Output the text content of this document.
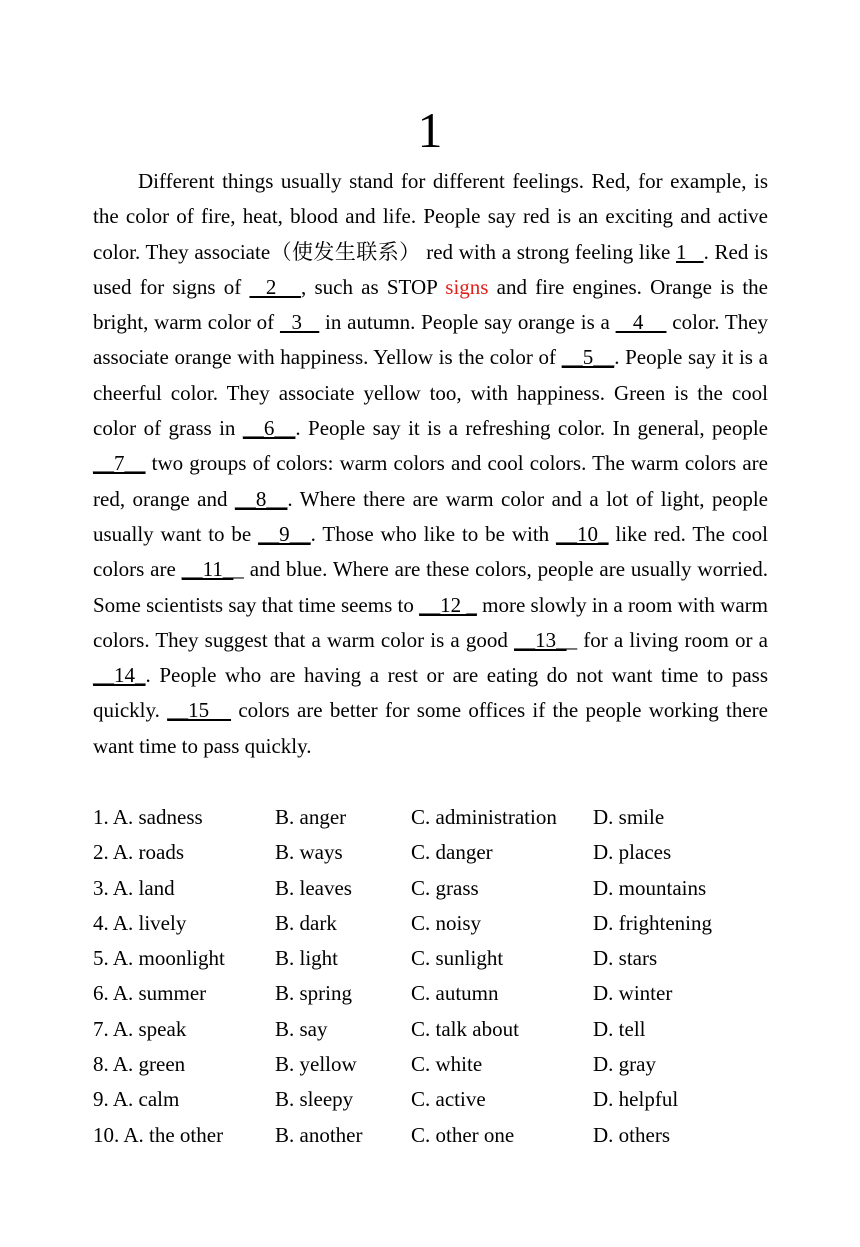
1

Different things usually stand for different feelings. Red, for example, is the color of fire, heat, blood and life. People say red is an exciting and active color. They associate（使发生联系） red with a strong feeling like 1   . Red is used for signs of   2   , such as STOP signs and fire engines. Orange is the bright, warm color of   3    in autumn. People say orange is a    4     color. They associate orange with happiness. Yellow is the color of __5__. People say it is a cheerful color. They associate yellow too, with happiness. Green is the cool color of grass in __6__. People say it is a refreshing color. In general, people __7__ two groups of colors: warm colors and cool colors. The warm colors are red, orange and __8__. Where there are warm color and a lot of light, people usually want to be __9__. Those who like to be with __10_ like red. The cool colors are __11__ and blue. Where are these colors, people are usually worried. Some scientists say that time seems to __12 _ more slowly in a room with warm colors. They suggest that a warm color is a good __13__ for a living room or a __14_. People who are having a rest or are eating do not want time to pass quickly. __15    colors are better for some offices if the people working there want time to pass quickly.

1. A. sadness	B. anger	C. administration D. smile
2. A. roads	B. ways	C. danger	D. places
3. A. land	B. leaves	C. grass	D. mountains
4. A. lively	B. dark	C. noisy	D. frightening
5. A. moonlight B. light	C. sunlight	D. stars
6. A. summer	B. spring	C. autumn	D. winter
7. A. speak	B. say	C. talk about	D. tell
8. A. green	B. yellow	C. white	D. gray
9. A. calm	B. sleepy	C. active	D. helpful
10. A. the other B. another C. other one	D. others
